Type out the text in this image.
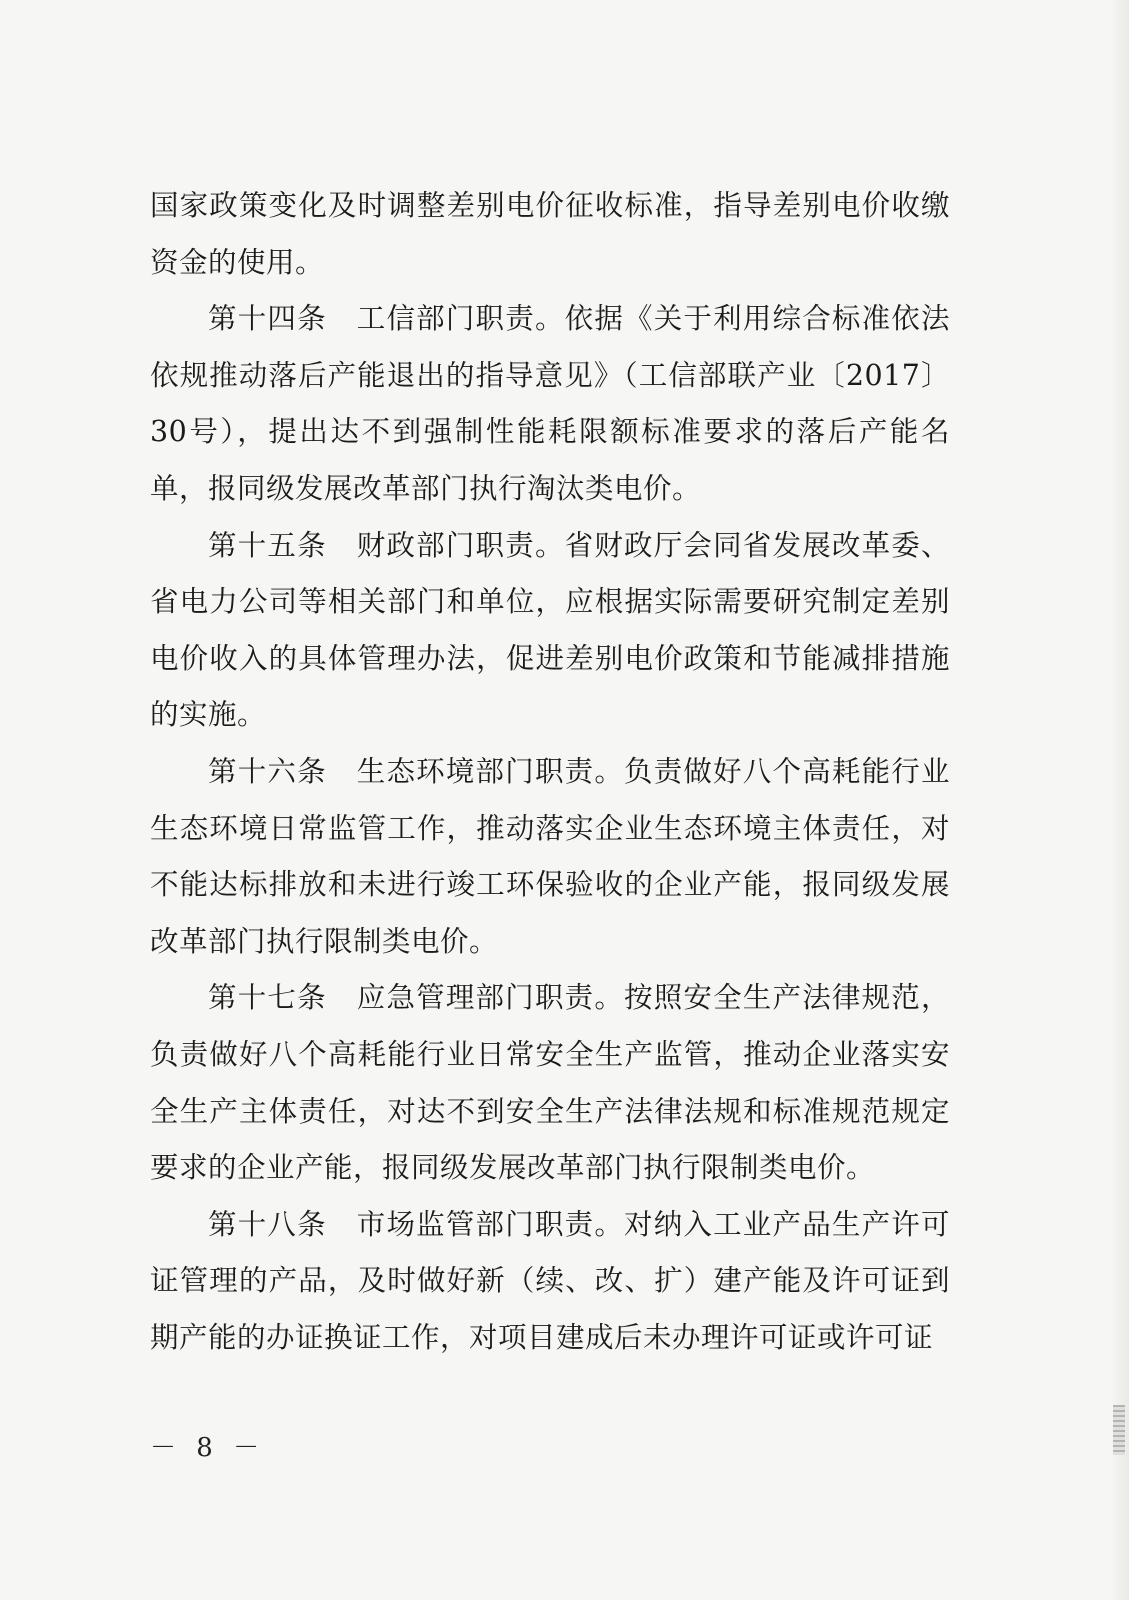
国家政策变化及时调整差别电价征收标准，指导差别电价收缴资金的使用。

第十四条 工信部门职责。依据《关于利用综合标准依法依规推动落后产能退出的指导意见》（工信部联产业〔2017〕30号），提出达不到强制性能耗限额标准要求的落后产能名单，报同级发展改革部门执行淘汰类电价。

第十五条 财政部门职责。省财政厅会同省发展改革委、省电力公司等相关部门和单位，应根据实际需要研究制定差别电价收入的具体管理办法，促进差别电价政策和节能减排措施的实施。

第十六条 生态环境部门职责。负责做好八个高耗能行业生态环境日常监管工作，推动落实企业生态环境主体责任，对不能达标排放和未进行竣工环保验收的企业产能，报同级发展改革部门执行限制类电价。

第十七条 应急管理部门职责。按照安全生产法律规范，负责做好八个高耗能行业日常安全生产监管，推动企业落实安全生产主体责任，对达不到安全生产法律法规和标准规范规定要求的企业产能，报同级发展改革部门执行限制类电价。

第十八条 市场监管部门职责。对纳入工业产品生产许可证管理的产品，及时做好新（续、改、扩）建产能及许可证到期产能的办证换证工作，对项目建成后未办理许可证或许可证

－ 8 －
